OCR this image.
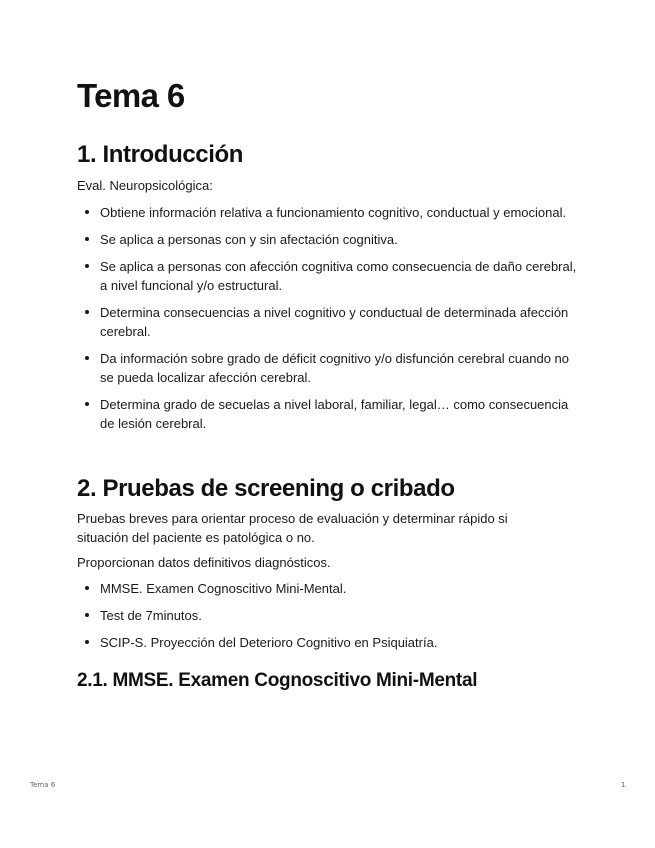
Tema 6
1. Introducción

Eval. Neuropsicológica:

Obtiene información relativa a funcionamiento cognitivo, conductual y emocional.
Se aplica a personas con y sin afectación cognitiva.
Se aplica a personas con afección cognitiva como consecuencia de daño cerebral, a nivel funcional y/o estructural.
Determina consecuencias a nivel cognitivo y conductual de determinada afección cerebral.
Da información sobre grado de déficit cognitivo y/o disfunción cerebral cuando no se pueda localizar afección cerebral.
Determina grado de secuelas a nivel laboral, familiar, legal… como consecuencia de lesión cerebral.
2. Pruebas de screening o cribado

Pruebas breves para orientar proceso de evaluación y determinar rápido si situación del paciente es patológica o no.

Proporcionan datos definitivos diagnósticos.

MMSE. Examen Cognoscitivo Mini-Mental.
Test de 7minutos.
SCIP-S. Proyección del Deterioro Cognitivo en Psiquiatría.
2.1. MMSE. Examen Cognoscitivo Mini-Mental
Tema 6	1
